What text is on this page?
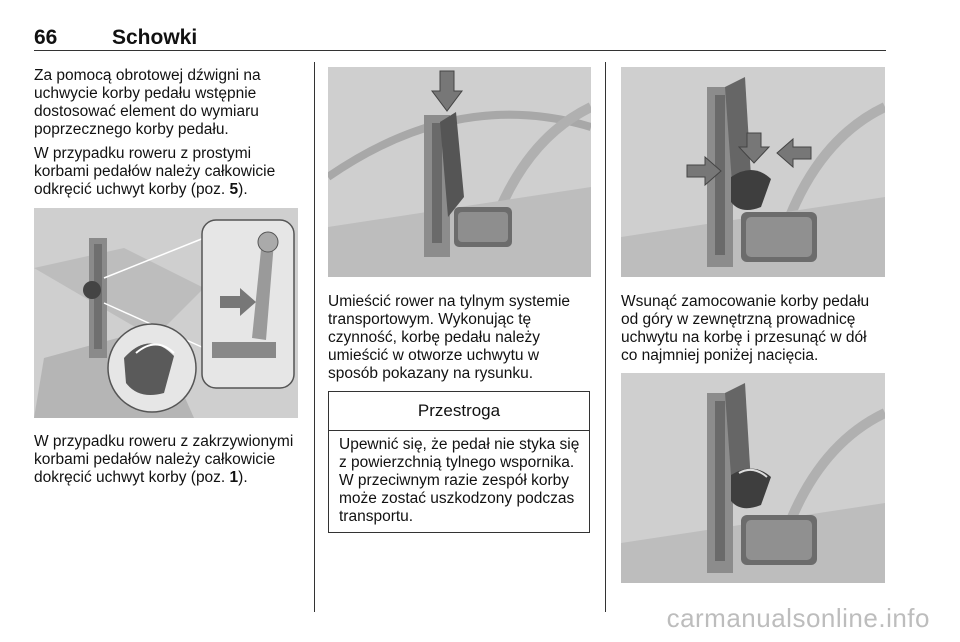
66	Schowki

Za pomocą obrotowej dźwigni na uchwycie korby pedału wstępnie dostosować element do wymiaru poprzecznego korby pedału.

W przypadku roweru z prostymi korbami pedałów należy całkowicie odkręcić uchwyt korby (poz. 5).

W przypadku roweru z zakrzywionymi korbami pedałów należy całkowicie dokręcić uchwyt korby (poz. 1).

Umieścić rower na tylnym systemie transportowym. Wykonując tę czynność, korbę pedału należy umieścić w otworze uchwytu w sposób pokazany na rysunku.

Przestroga

Upewnić się, że pedał nie styka się z powierzchnią tylnego wspornika. W przeciwnym razie zespół korby może zostać uszkodzony podczas transportu.

Wsunąć zamocowanie korby pedału od góry w zewnętrzną prowadnicę uchwytu na korbę i przesunąć w dół co najmniej poniżej nacięcia.

carmanualsonline.info
